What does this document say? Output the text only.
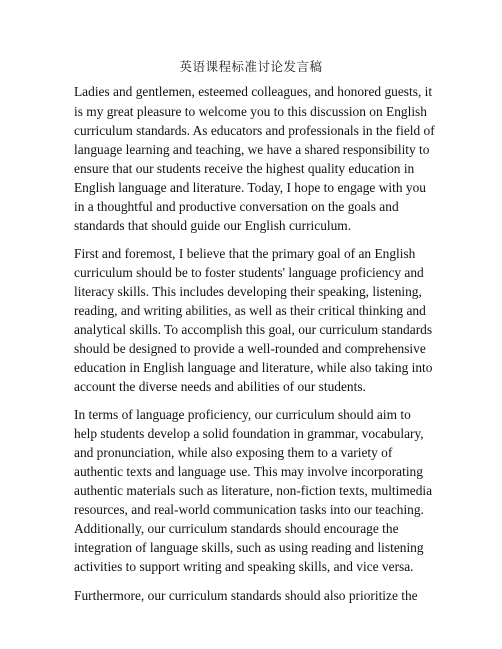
英语课程标准讨论发言稿
Ladies and gentlemen, esteemed colleagues, and honored guests, it
is my great pleasure to welcome you to this discussion on English
curriculum standards. As educators and professionals in the field of
language learning and teaching, we have a shared responsibility to
ensure that our students receive the highest quality education in
English language and literature. Today, I hope to engage with you
in a thoughtful and productive conversation on the goals and
standards that should guide our English curriculum.
First and foremost, I believe that the primary goal of an English
curriculum should be to foster students' language proficiency and
literacy skills. This includes developing their speaking, listening,
reading, and writing abilities, as well as their critical thinking and
analytical skills. To accomplish this goal, our curriculum standards
should be designed to provide a well-rounded and comprehensive
education in English language and literature, while also taking into
account the diverse needs and abilities of our students.
In terms of language proficiency, our curriculum should aim to
help students develop a solid foundation in grammar, vocabulary,
and pronunciation, while also exposing them to a variety of
authentic texts and language use. This may involve incorporating
authentic materials such as literature, non-fiction texts, multimedia
resources, and real-world communication tasks into our teaching.
Additionally, our curriculum standards should encourage the
integration of language skills, such as using reading and listening
activities to support writing and speaking skills, and vice versa.
Furthermore, our curriculum standards should also prioritize the
